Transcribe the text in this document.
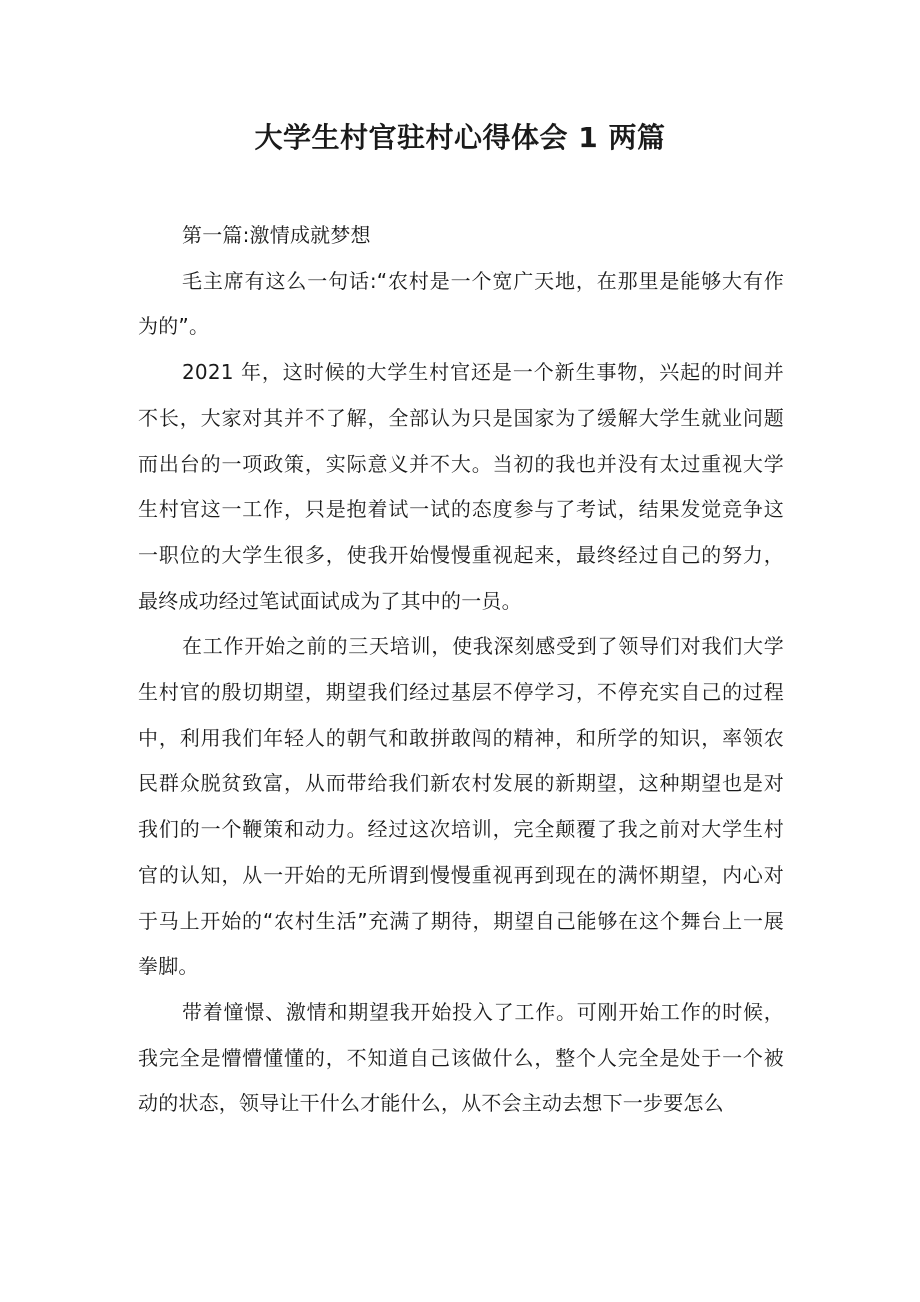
大学生村官驻村心得体会 1 两篇

第一篇:激情成就梦想

毛主席有这么一句话:“农村是一个宽广天地，在那里是能够大有作为的”。

2021 年，这时候的大学生村官还是一个新生事物，兴起的时间并不长，大家对其并不了解，全部认为只是国家为了缓解大学生就业问题而出台的一项政策，实际意义并不大。当初的我也并没有太过重视大学生村官这一工作，只是抱着试一试的态度参与了考试，结果发觉竞争这一职位的大学生很多，使我开始慢慢重视起来，最终经过自己的努力，最终成功经过笔试面试成为了其中的一员。

在工作开始之前的三天培训，使我深刻感受到了领导们对我们大学生村官的殷切期望，期望我们经过基层不停学习，不停充实自己的过程中，利用我们年轻人的朝气和敢拼敢闯的精神，和所学的知识，率领农民群众脱贫致富，从而带给我们新农村发展的新期望，这种期望也是对我们的一个鞭策和动力。经过这次培训，完全颠覆了我之前对大学生村官的认知，从一开始的无所谓到慢慢重视再到现在的满怀期望，内心对于马上开始的“农村生活”充满了期待，期望自己能够在这个舞台上一展拳脚。

带着憧憬、激情和期望我开始投入了工作。可刚开始工作的时候，我完全是懵懵懂懂的，不知道自己该做什么，整个人完全是处于一个被动的状态，领导让干什么才能什么，从不会主动去想下一步要怎么
